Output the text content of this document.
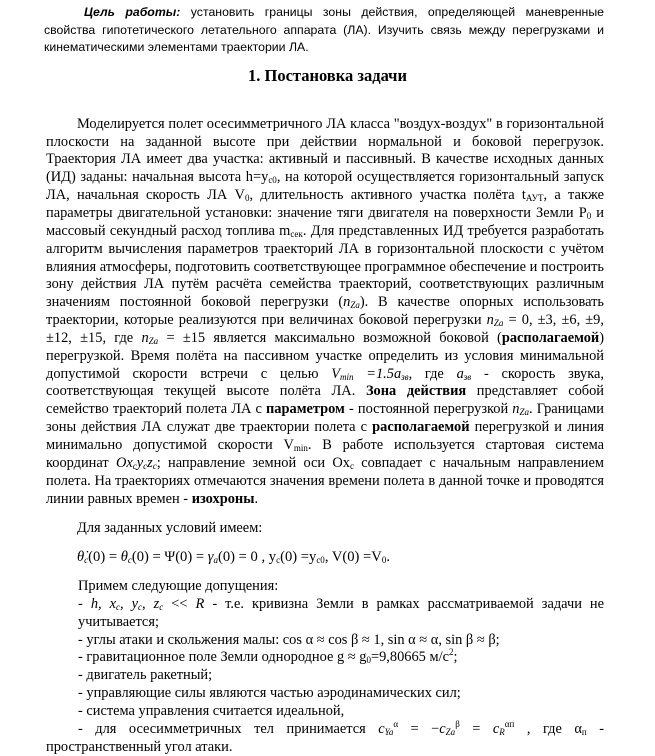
Цель работы: установить границы зоны действия, определяющей маневренные свойства гипотетического летательного аппарата (ЛА). Изучить связь между перегрузками и кинематическими элементами траектории ЛА.
1. Постановка задачи
Моделируется полет осесимметричного ЛА класса "воздух-воздух" в горизонтальной плоскости на заданной высоте при действии нормальной и боковой перегрузок. Траектория ЛА имеет два участка: активный и пассивный. В качестве исходных данных (ИД) заданы: начальная высота $h=y_{c0}$, на которой осуществляется горизонтальный запуск ЛА, начальная скорость ЛА $V_0$, длительность активного участка полёта $t_{АУТ}$, а также параметры двигательной установки: значение тяги двигателя на поверхности Земли $P_0$ и массовый секундный расход топлива $m_{сек}$. Для представленных ИД требуется разработать алгоритм вычисления параметров траекторий ЛА в горизонтальной плоскости с учётом влияния атмосферы, подготовить соответствующее программное обеспечение и построить зону действия ЛА путём расчёта семейства траекторий, соответствующих различным значениям постоянной боковой перегрузки (nZa). В качестве опорных использовать траектории, которые реализуются при величинах боковой перегрузки nZa = 0, ±3, ±6, ±9, ±12, ±15, где nZa = ±15 является максимально возможной боковой (располагаемой) перегрузкой. Время полёта на пассивном участке определить из условия минимальной допустимой скорости встречи с целью Vmin =1.5aзв, где aзв - скорость звука, соответствующая текущей высоте полёта ЛА. Зона действия представляет собой семейство траекторий полета ЛА с параметром - постоянной перегрузкой nZa. Границами зоны действия ЛА служат две траектории полета с располагаемой перегрузкой и линия минимально допустимой скорости $V_{min}$. В работе используется стартовая система координат Oxcyczc; направление земной оси $Ox_c$ совпадает с начальным направлением полета. На траекториях отмечаются значения времени полета в данной точке и проводятся линии равных времен - изохроны.
Для заданных условий имеем:
θ̇c(0) = θc(0) = Ψ(0) = γa(0) = 0 , $y_c(0) =y_{c0}$, $V(0) =V_0$.
Примем следующие допущения:
- h, xc, yc, zc << R - т.е. кривизна Земли в рамках рассматриваемой задачи не учитывается;
- углы атаки и скольжения малы: cos α ≈ cos β ≈ 1, sin α ≈ α, sin β ≈ β;
- гравитационное поле Земли однородное $g \approx g_0=9,80665$ $м/с^2$;
- двигатель ракетный;
- управляющие силы являются частью аэродинамических сил;
- система управления считается идеальной,
- для осесимметричных тел принимается $cYa^\alpha = -cZa^\beta = cR^{\alpha п}$ , где $\alpha_п$ - пространственный угол атаки.
